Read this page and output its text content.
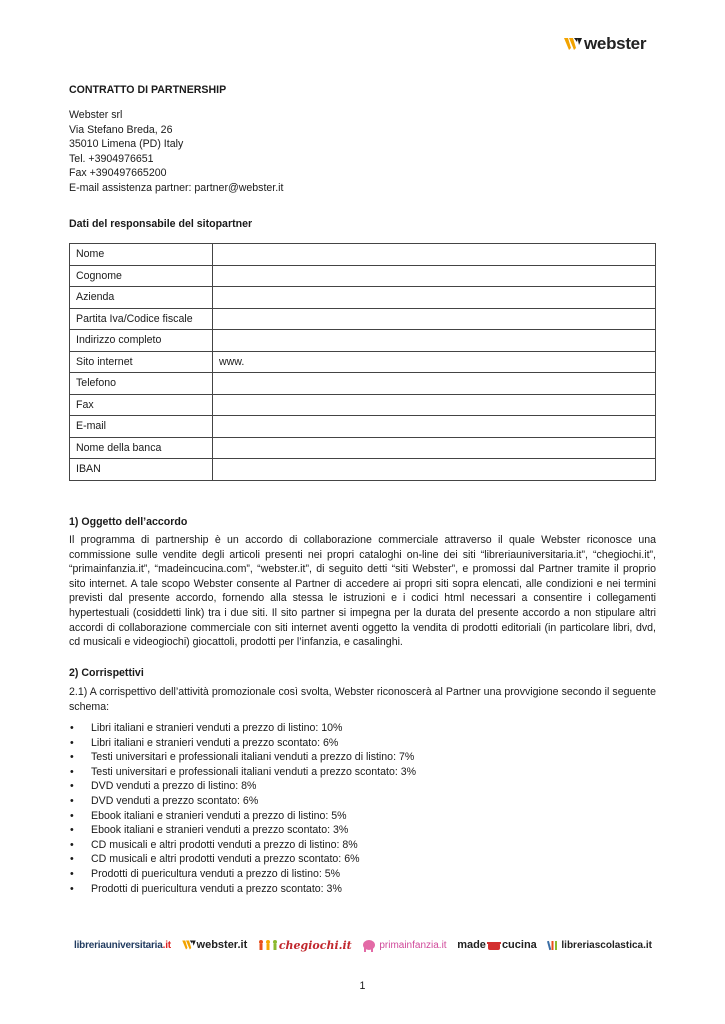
webster
CONTRATTO DI PARTNERSHIP
Webster srl
Via Stefano Breda, 26
35010 Limena (PD) Italy
Tel. +3904976651
Fax +390497665200
E-mail assistenza partner: partner@webster.it
Dati del responsabile del sitopartner
Nome	
Cognome	
Azienda	
Partita Iva/Codice fiscale	
Indirizzo completo	
Sito internet	www.
Telefono	
Fax	
E-mail	
Nome della banca	
IBAN	
1) Oggetto dell’accordo
Il programma di partnership è un accordo di collaborazione commerciale attraverso il quale Webster riconosce una commissione sulle vendite degli articoli presenti nei propri cataloghi on-line dei siti “libreriauniversitaria.it”, “chegiochi.it”, “primainfanzia.it”, “madeincucina.com”, “webster.it”, di seguito detti “siti Webster”, e promossi dal Partner tramite il proprio sito internet. A tale scopo Webster consente al Partner di accedere ai propri siti sopra elencati, alle condizioni e nei termini previsti dal presente accordo, fornendo alla stessa le istruzioni e i codici html necessari a consentire i collegamenti hypertestuali (cosiddetti link) tra i due siti. Il sito partner si impegna per la durata del presente accordo a non stipulare altri accordi di collaborazione commerciale con siti internet aventi oggetto la vendita di prodotti editoriali (in particolare libri, dvd, cd musicali e videogiochi) giocattoli, prodotti per l’infanzia, e casalinghi.
2) Corrispettivi
2.1) A corrispettivo dell’attività promozionale così svolta, Webster riconoscerà al Partner una provvigione secondo il seguente schema:
• Libri italiani e stranieri venduti a prezzo di listino: 10%
• Libri italiani e stranieri venduti a prezzo scontato: 6%
• Testi universitari e professionali italiani venduti a prezzo di listino: 7%
• Testi universitari e professionali italiani venduti a prezzo scontato: 3%
• DVD venduti a prezzo di listino: 8%
• DVD venduti a prezzo scontato: 6%
• Ebook italiani e stranieri venduti a prezzo di listino: 5%
• Ebook italiani e stranieri venduti a prezzo scontato: 3%
• CD musicali e altri prodotti venduti a prezzo di listino: 8%
• CD musicali e altri prodotti venduti a prezzo scontato: 6%
• Prodotti di puericultura venduti a prezzo di listino: 5%
• Prodotti di puericultura venduti a prezzo scontato: 3%
libreriauniversitaria .it webster.it	chegiochi.it	primainfanzia.it made cucina libreriascolastica.it
1
